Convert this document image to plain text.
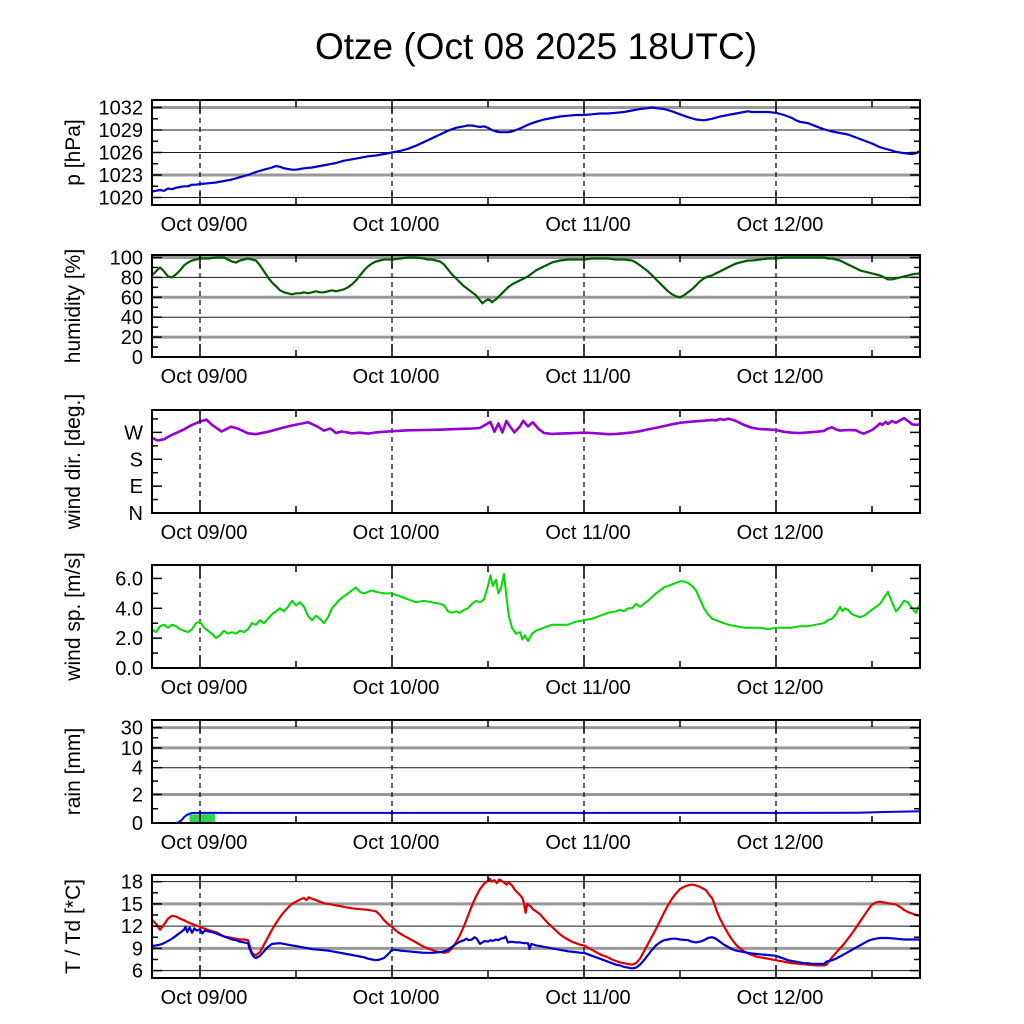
Otze (Oct 08 2025 18UTC)
1020
1023
1026
1029
1032
Oct 09/00	Oct 10/00	Oct 11/00	Oct 12/00
p [hPa]
0
20
40
60
80
100
Oct 09/00	Oct 10/00	Oct 11/00	Oct 12/00
humidity [%]
N
E
S
W
Oct 09/00	Oct 10/00	Oct 11/00	Oct 12/00
wind dir. [deg.]
0.0
2.0
4.0
6.0
Oct 09/00	Oct 10/00	Oct 11/00	Oct 12/00
wind sp. [m/s]
0
2
4
10
30
Oct 09/00	Oct 10/00	Oct 11/00	Oct 12/00
rain [mm]
6
9
12
15
18
Oct 09/00	Oct 10/00	Oct 11/00	Oct 12/00
T / Td [*C]
